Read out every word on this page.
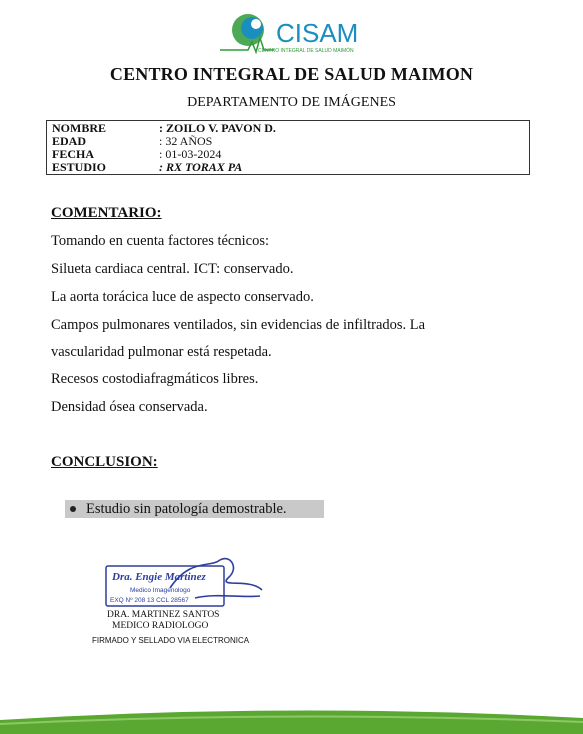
CISAM
CENTRO INTEGRAL DE SALUD MAIMÓN
CENTRO INTEGRAL DE SALUD MAIMON
DEPARTAMENTO DE IMÁGENES
NOMBRE	: ZOILO V. PAVON D.
EDAD	: 32 AÑOS
FECHA	: 01-03-2024
ESTUDIO	: RX TORAX PA
COMENTARIO:
Tomando en cuenta factores técnicos:
Silueta cardiaca central. ICT: conservado.
La aorta torácica luce de aspecto conservado.
Campos pulmonares ventilados, sin evidencias de infiltrados. La
vascularidad pulmonar está respetada.
Recesos costodiafragmáticos libres.
Densidad ósea conservada.
CONCLUSION:
Estudio sin patología demostrable.
Dra. Engie Martinez
Medico Imagenologo
EXQ Nº 208 13 CCL 28567
DRA. MARTINEZ SANTOS
MEDICO RADIOLOGO
FIRMADO Y SELLADO VIA ELECTRONICA
